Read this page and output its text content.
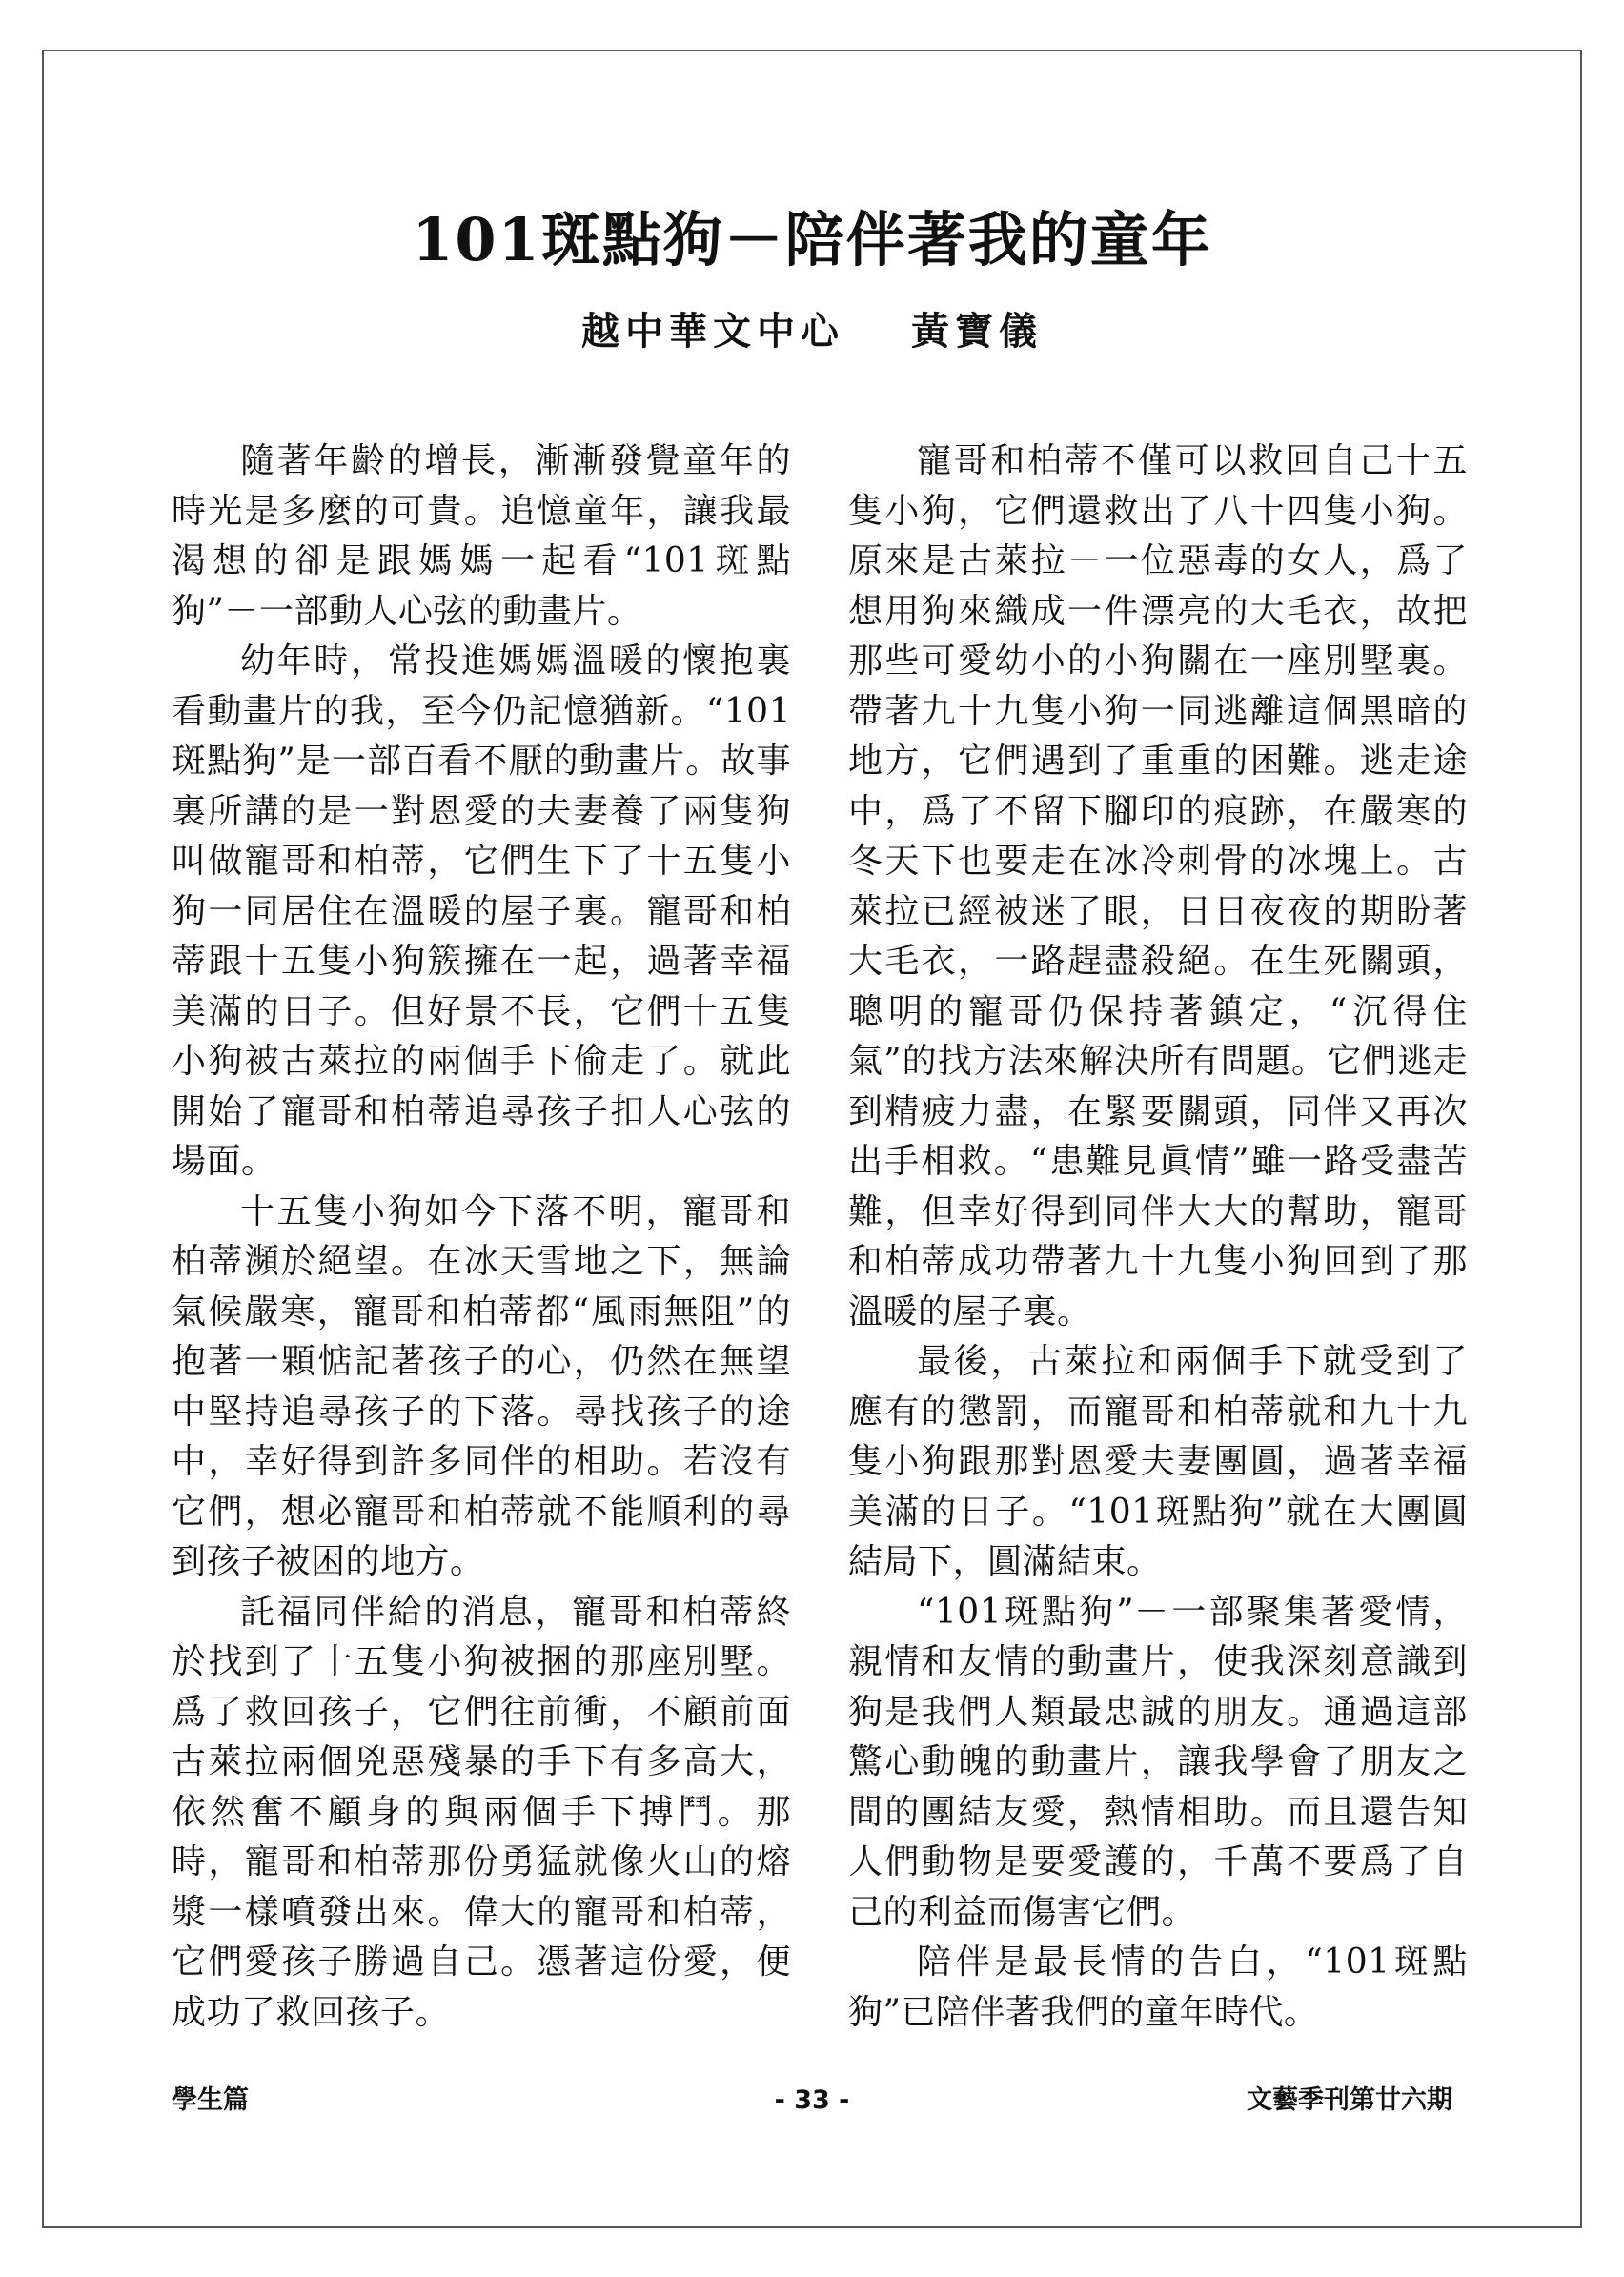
101斑點狗－陪伴著我的童年
越中華文中心 黃寶儀

隨著年齡的增長，漸漸發覺童年的時光是多麼的可貴。追憶童年，讓我最渴想的卻是跟媽媽一起看“101斑點狗”－一部動人心弦的動畫片。

幼年時，常投進媽媽溫暖的懷抱裏看動畫片的我，至今仍記憶猶新。“101斑點狗”是一部百看不厭的動畫片。故事裏所講的是一對恩愛的夫妻養了兩隻狗叫做寵哥和柏蒂，它們生下了十五隻小狗一同居住在溫暖的屋子裏。寵哥和柏蒂跟十五隻小狗簇擁在一起，過著幸福美滿的日子。但好景不長，它們十五隻小狗被古萊拉的兩個手下偷走了。就此開始了寵哥和柏蒂追尋孩子扣人心弦的場面。

十五隻小狗如今下落不明，寵哥和柏蒂瀕於絕望。在冰天雪地之下，無論氣候嚴寒，寵哥和柏蒂都“風雨無阻”的抱著一顆惦記著孩子的心，仍然在無望中堅持追尋孩子的下落。尋找孩子的途中，幸好得到許多同伴的相助。若沒有它們，想必寵哥和柏蒂就不能順利的尋到孩子被困的地方。

託福同伴給的消息，寵哥和柏蒂終於找到了十五隻小狗被捆的那座別墅。爲了救回孩子，它們往前衝，不顧前面古萊拉兩個兇惡殘暴的手下有多高大，依然奮不顧身的與兩個手下搏鬥。那時，寵哥和柏蒂那份勇猛就像火山的熔漿一樣噴發出來。偉大的寵哥和柏蒂，它們愛孩子勝過自己。憑著這份愛，便成功了救回孩子。

寵哥和柏蒂不僅可以救回自己十五隻小狗，它們還救出了八十四隻小狗。原來是古萊拉－一位惡毒的女人，爲了想用狗來織成一件漂亮的大毛衣，故把那些可愛幼小的小狗關在一座別墅裏。帶著九十九隻小狗一同逃離這個黑暗的地方，它們遇到了重重的困難。逃走途中，爲了不留下腳印的痕跡，在嚴寒的冬天下也要走在冰冷刺骨的冰塊上。古萊拉已經被迷了眼，日日夜夜的期盼著大毛衣，一路趕盡殺絕。在生死關頭，聰明的寵哥仍保持著鎮定，“沉得住氣”的找方法來解決所有問題。它們逃走到精疲力盡，在緊要關頭，同伴又再次出手相救。“患難見眞情”雖一路受盡苦難，但幸好得到同伴大大的幫助，寵哥和柏蒂成功帶著九十九隻小狗回到了那溫暖的屋子裏。

最後，古萊拉和兩個手下就受到了應有的懲罰，而寵哥和柏蒂就和九十九隻小狗跟那對恩愛夫妻團圓，過著幸福美滿的日子。“101斑點狗”就在大團圓結局下，圓滿結束。

“101斑點狗”－一部聚集著愛情，親情和友情的動畫片，使我深刻意識到狗是我們人類最忠誠的朋友。通過這部驚心動魄的動畫片，讓我學會了朋友之間的團結友愛，熱情相助。而且還告知人們動物是要愛護的，千萬不要爲了自己的利益而傷害它們。

陪伴是最長情的告白，“101斑點狗”已陪伴著我們的童年時代。

學生篇	- 33 -	文藝季刊第廿六期
